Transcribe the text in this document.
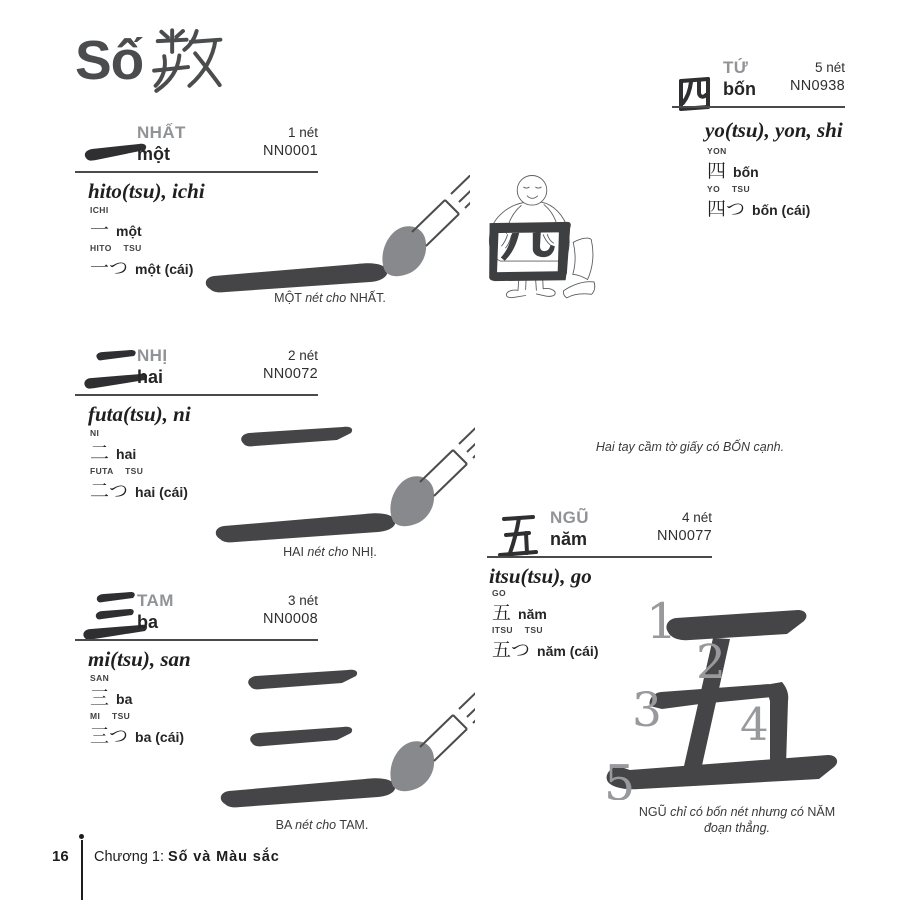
Số
NHẤT
một
1 nét
NN0001
hito(tsu), ichi
ICHI
一 một
HITO TSU
一つ một (cái)
MỘT nét cho NHẤT.
NHỊ
hai
2 nét
NN0072
futa(tsu), ni
NI
二 hai
FUTA TSU
二つ hai (cái)
HAI nét cho NHỊ.
TAM
ba
3 nét
NN0008
mi(tsu), san
SAN
三 ba
MI TSU
三つ ba (cái)
BA nét cho TAM.
TỨ
bốn
5 nét
NN0938
yo(tsu), yon, shi
YON
四 bốn
YO TSU
四つ bốn (cái)
Hai tay cầm tờ giấy có BỐN cạnh.
NGŨ
năm
4 nét
NN0077
itsu(tsu), go
GO
五 năm
ITSU TSU
五つ năm (cái)
1
2
3 4
5 NGŨ chỉ có bốn nét nhưng có NĂM đoạn thẳng.
16 Chương 1: Số và Màu sắc
